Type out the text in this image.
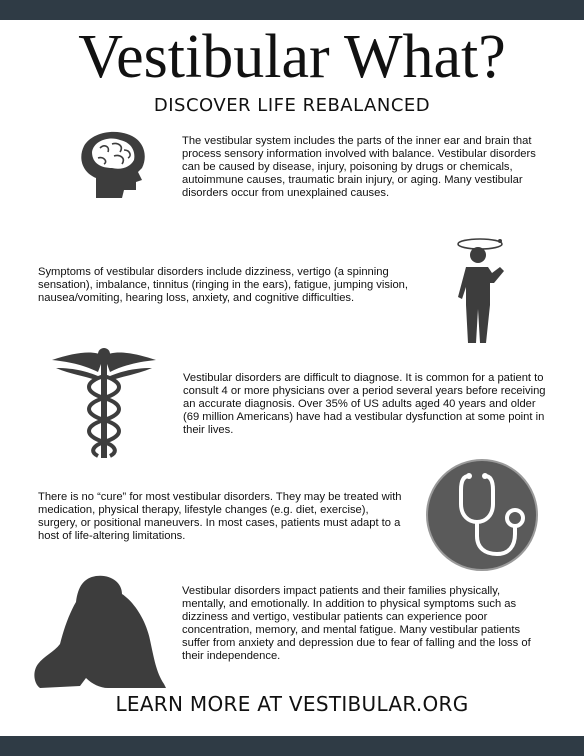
Vestibular What?
DISCOVER LIFE REBALANCED
The vestibular system includes the parts of the inner ear and brain that process sensory information involved with balance. Vestibular disorders can be caused by disease, injury, poisoning by drugs or chemicals, autoimmune causes, traumatic brain injury, or aging. Many vestibular disorders occur from unexplained causes.
Symptoms of vestibular disorders include dizziness, vertigo (a spinning sensation), imbalance, tinnitus (ringing in the ears), fatigue, jumping vision, nausea/vomiting, hearing loss, anxiety, and cognitive difficulties.
Vestibular disorders are difficult to diagnose. It is common for a patient to consult 4 or more physicians over a period several years before receiving an accurate diagnosis. Over 35% of US adults aged 40 years and older (69 million Americans) have had a vestibular dysfunction at some point in their lives.
There is no “cure” for most vestibular disorders. They may be treated with medication, physical therapy, lifestyle changes (e.g. diet, exercise), surgery, or positional maneuvers. In most cases, patients must adapt to a host of life-altering limitations.
Vestibular disorders impact patients and their families physically, mentally, and emotionally. In addition to physical symptoms such as dizziness and vertigo, vestibular patients can experience poor concentration, memory, and mental fatigue. Many vestibular patients suffer from anxiety and depression due to fear of falling and the loss of their independence.
LEARN MORE AT VESTIBULAR.ORG
